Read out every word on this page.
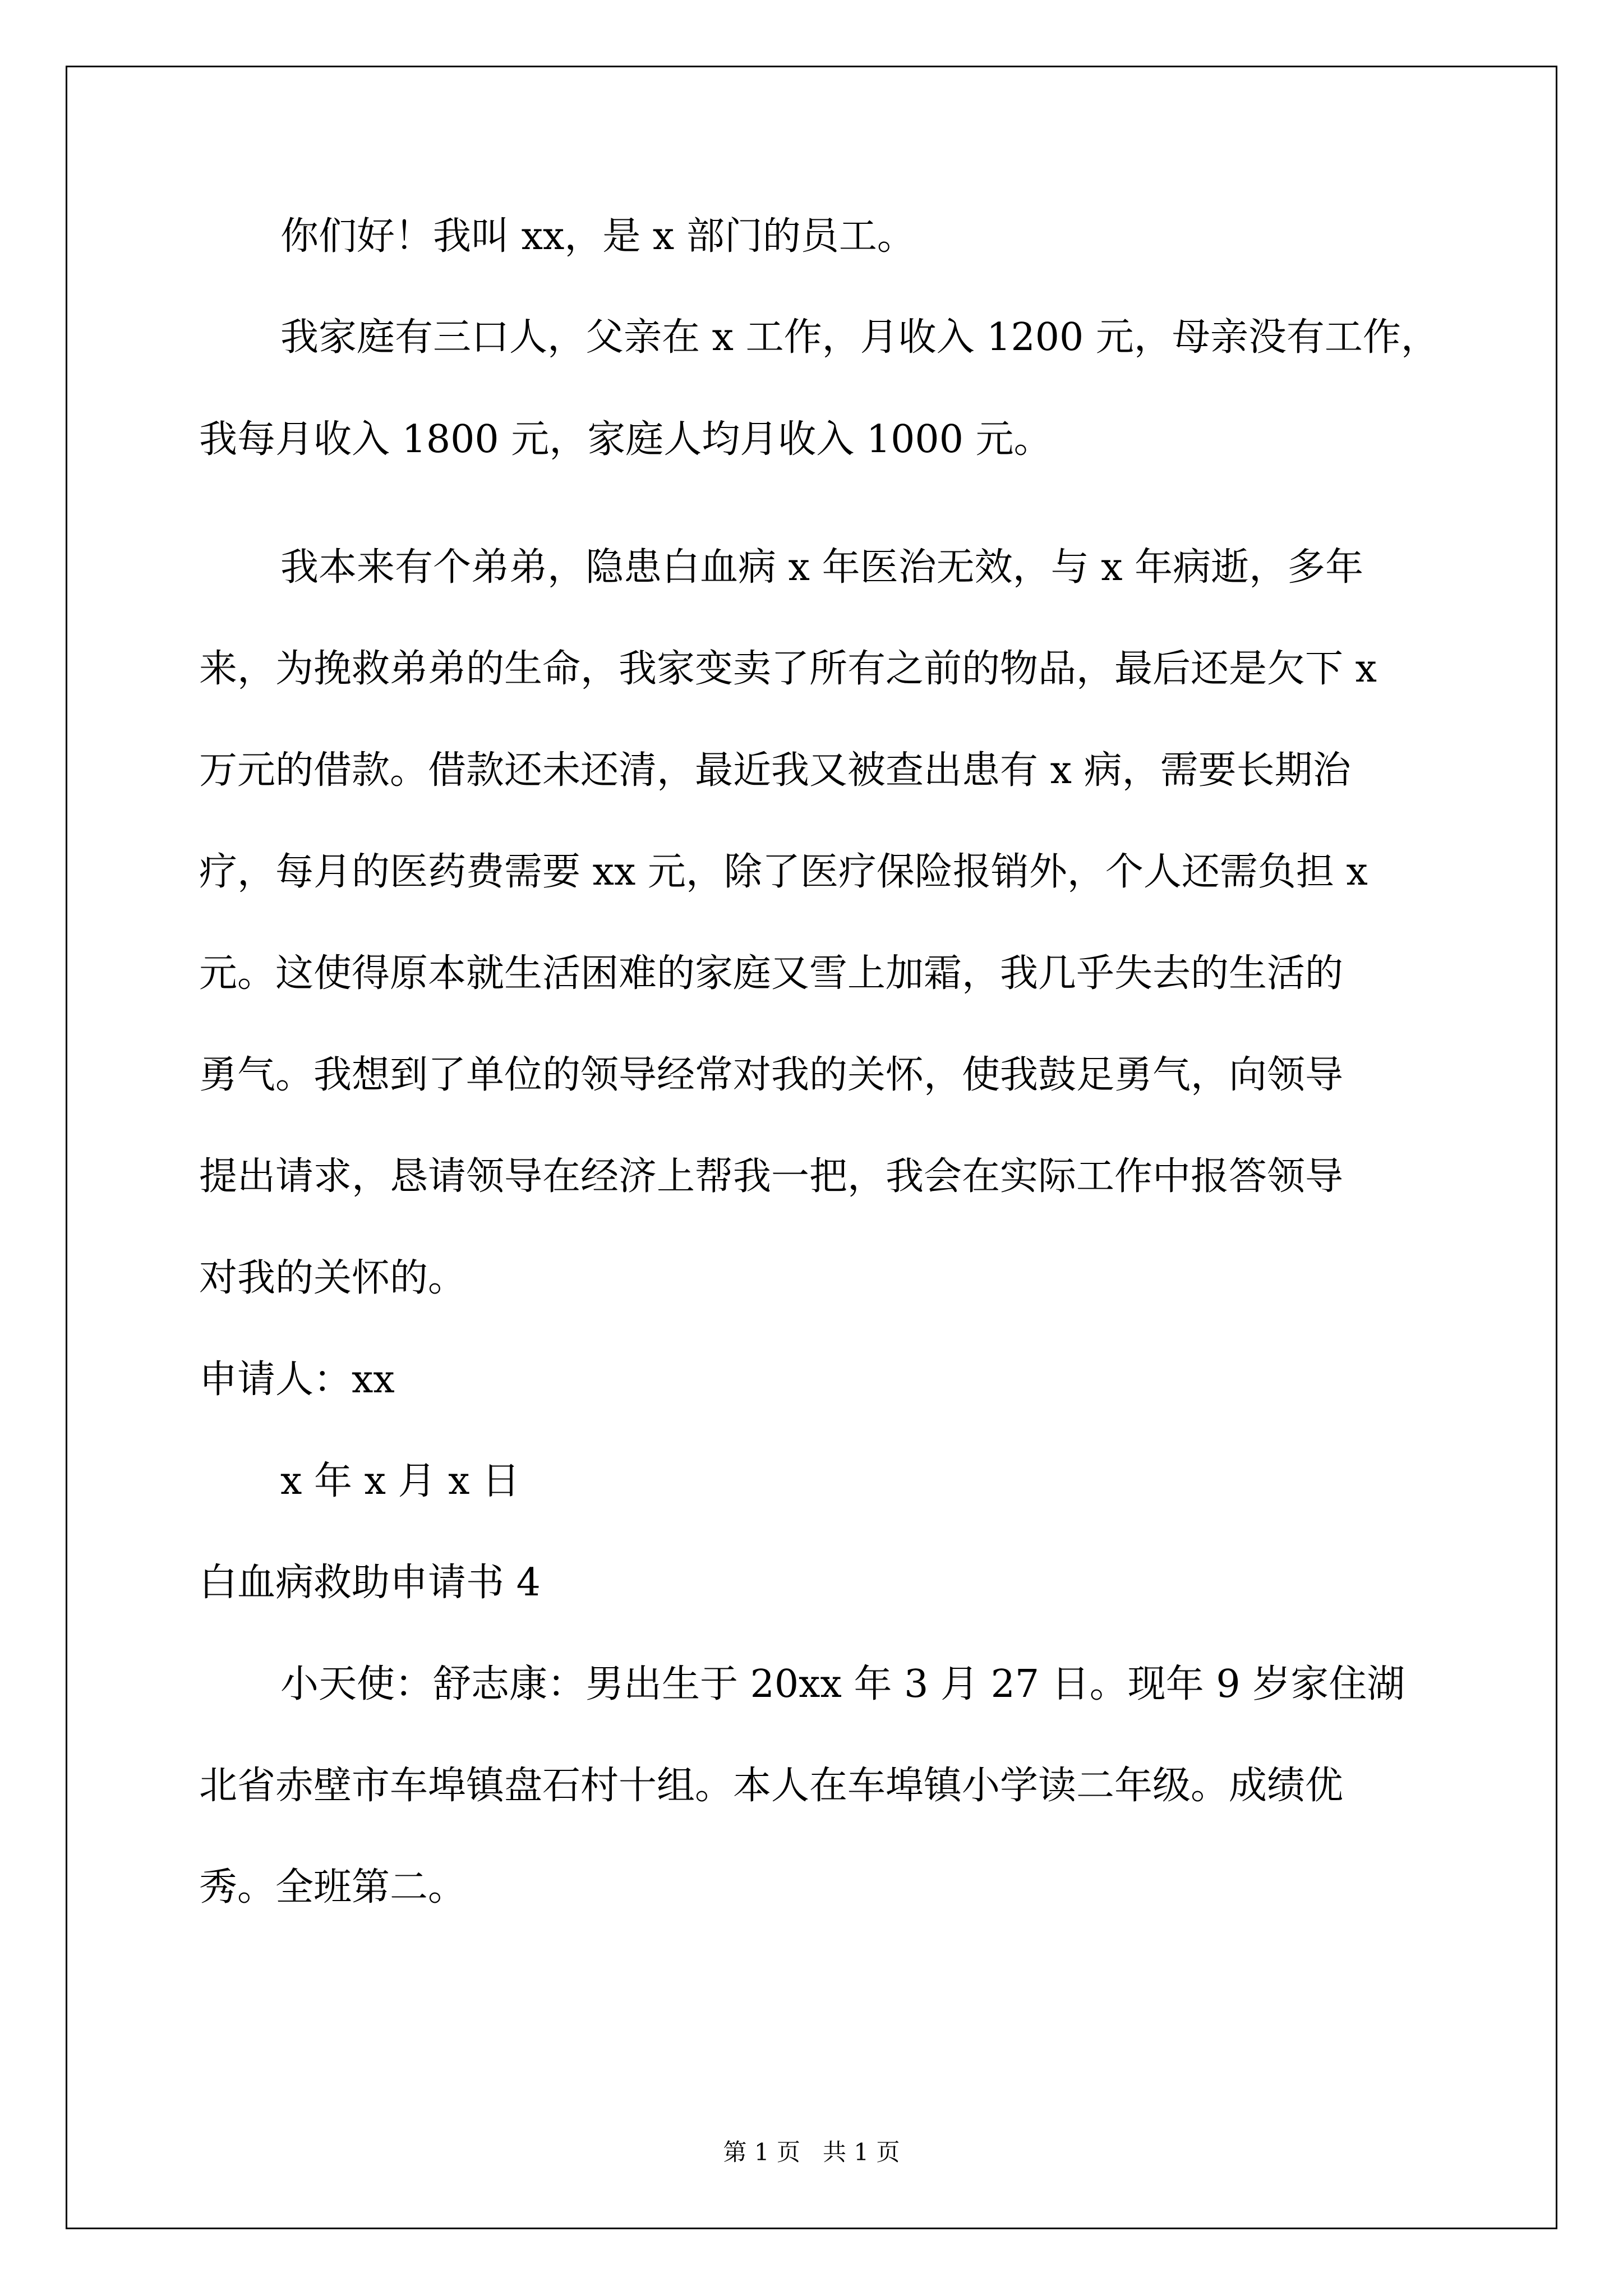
你们好！我叫 xx，是 x 部门的员工。

我家庭有三口人，父亲在 x 工作，月收入 1200 元，母亲没有工作，

我每月收入 1800 元，家庭人均月收入 1000 元。

我本来有个弟弟，隐患白血病 x 年医治无效，与 x 年病逝，多年

来，为挽救弟弟的生命，我家变卖了所有之前的物品，最后还是欠下 x

万元的借款。借款还未还清，最近我又被查出患有 x 病，需要长期治

疗，每月的医药费需要 xx 元，除了医疗保险报销外，个人还需负担 x

元。这使得原本就生活困难的家庭又雪上加霜，我几乎失去的生活的

勇气。我想到了单位的领导经常对我的关怀，使我鼓足勇气，向领导

提出请求，恳请领导在经济上帮我一把，我会在实际工作中报答领导

对我的关怀的。

申请人：xx

x 年 x 月 x 日

白血病救助申请书 4

小天使：舒志康：男出生于 20xx 年 3 月 27 日。现年 9 岁家住湖

北省赤壁市车埠镇盘石村十组。本人在车埠镇小学读二年级。成绩优

秀。全班第二。

第 1 页   共 1 页
